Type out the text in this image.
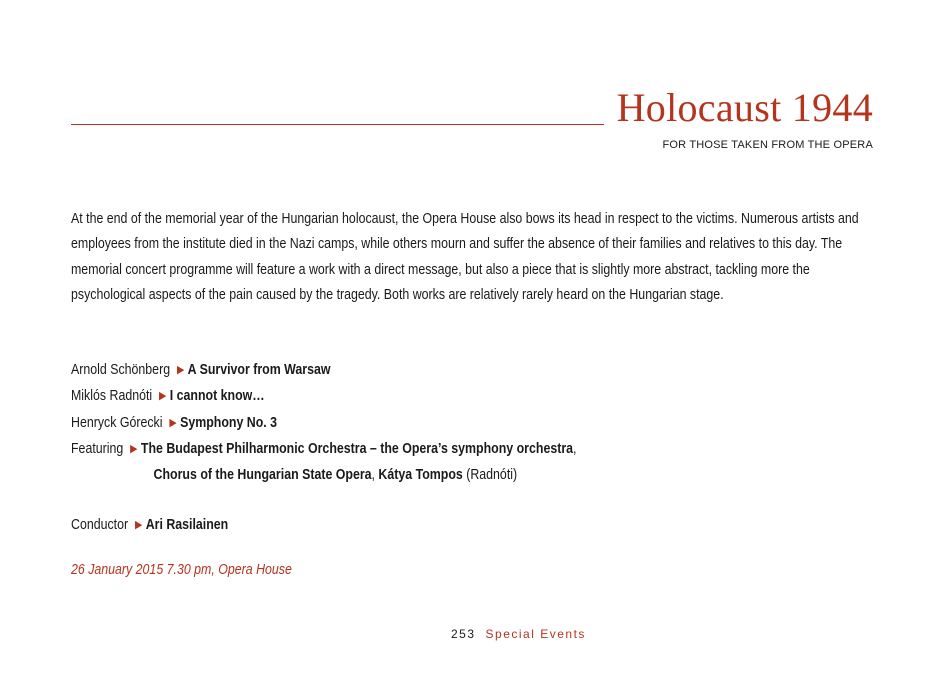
Holocaust 1944
FOR THOSE TAKEN FROM THE OPERA
At the end of the memorial year of the Hungarian holocaust, the Opera House also bows its head in respect to the victims. Numerous artists and employees from the institute died in the Nazi camps, while others mourn and suffer the absence of their families and relatives to this day. The memorial concert programme will feature a work with a direct message, but also a piece that is slightly more abstract, tackling more the psychological aspects of the pain caused by the tragedy. Both works are relatively rarely heard on the Hungarian stage.
Arnold Schönberg ▶ A Survivor from Warsaw
Miklós Radnóti ▶ I cannot know…
Henryck Górecki ▶ Symphony No. 3
Featuring ▶ The Budapest Philharmonic Orchestra – the Opera’s symphony orchestra,
Chorus of the Hungarian State Opera, Kátya Tompos (Radnóti)
Conductor ▶ Ari Rasilainen
26 January 2015 7.30 pm, Opera House
253 Special Events
